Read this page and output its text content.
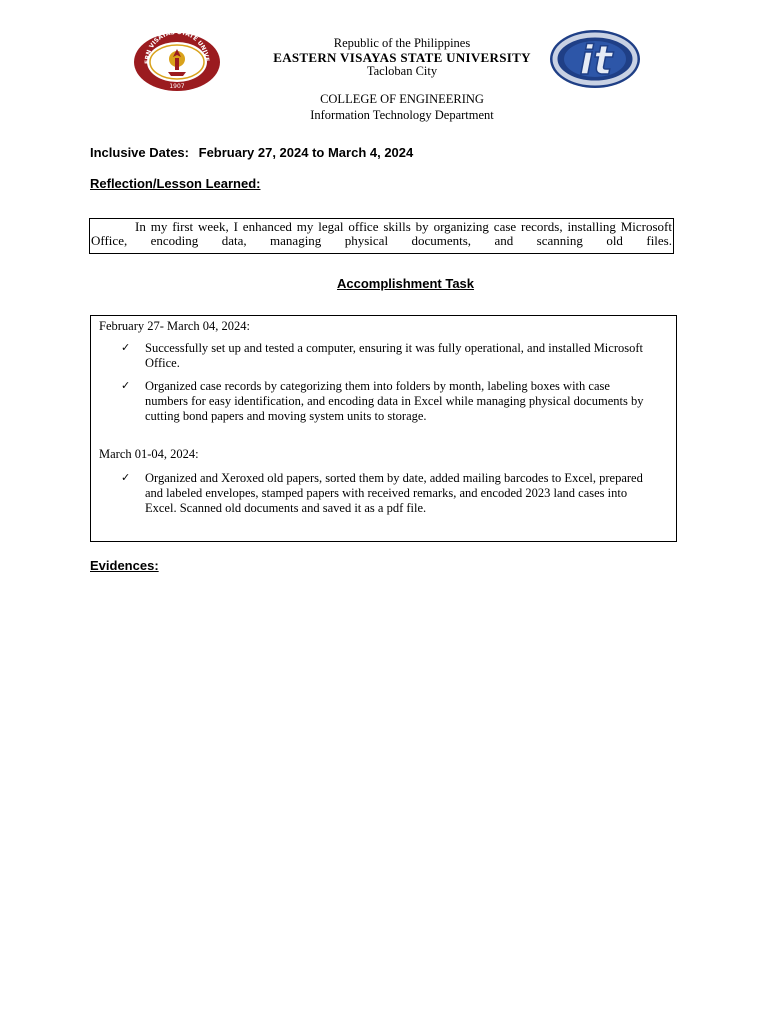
ERN VISAYAS STATE UNIVE
1907
it
Republic of the Philippines
EASTERN VISAYAS STATE UNIVERSITY
Tacloban City
COLLEGE OF ENGINEERING
Information Technology Department
Inclusive Dates: February 27, 2024 to March 4, 2024
Reflection/Lesson Learned:

In my first week, I enhanced my legal office skills by organizing case records, installing Microsoft Office, encoding data, managing physical documents, and scanning old files.

Accomplishment Task
February 27- March 04, 2024:
✓ Successfully set up and tested a computer, ensuring it was fully operational, and installed Microsoft Office.
✓ Organized case records by categorizing them into folders by month, labeling boxes with case numbers for easy identification, and encoding data in Excel while managing physical documents by cutting bond papers and moving system units to storage.
March 01-04, 2024:
✓ Organized and Xeroxed old papers, sorted them by date, added mailing barcodes to Excel, prepared and labeled envelopes, stamped papers with received remarks, and encoded 2023 land cases into Excel. Scanned old documents and saved it as a pdf file.
Evidences:
